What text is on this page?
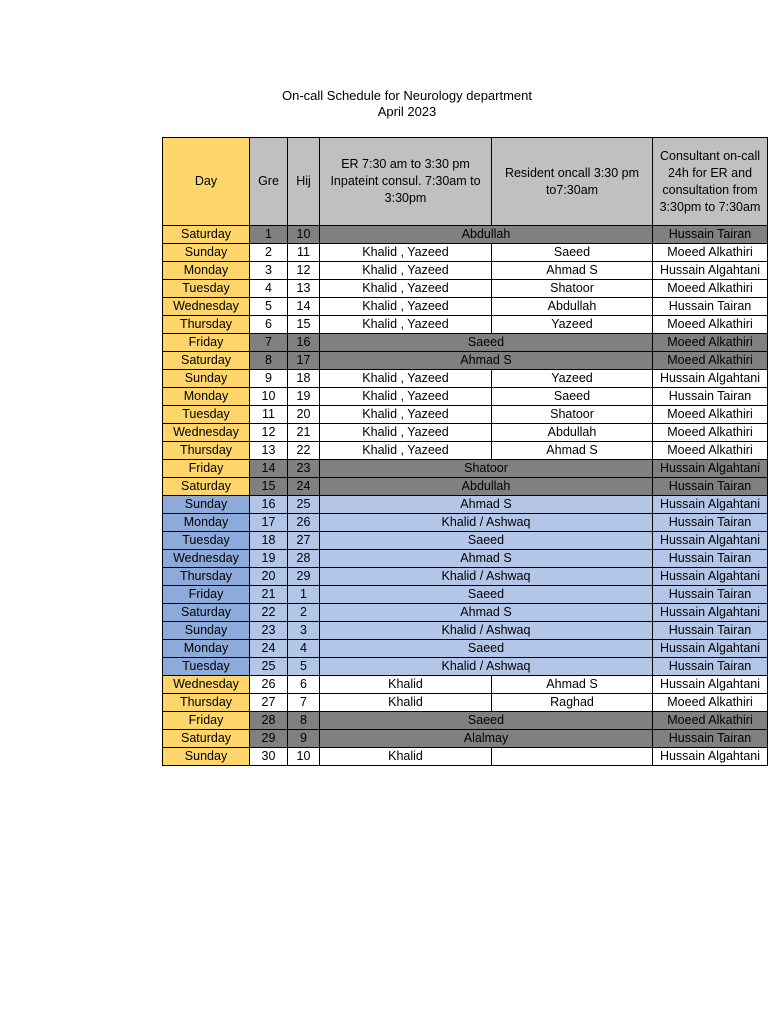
On-call Schedule for Neurology department
April 2023
Day	Gre	Hij	ER 7:30 am to 3:30 pm Inpateint consul. 7:30am to 3:30pm	Resident oncall 3:30 pm to7:30am	Consultant on-call 24h for ER and consultation from 3:30pm to 7:30am
Saturday	1	10	Abdullah		Hussain Tairan
Sunday	2	11	Khalid , Yazeed	Saeed	Moeed Alkathiri
Monday	3	12	Khalid , Yazeed	Ahmad S	Hussain Algahtani
Tuesday	4	13	Khalid , Yazeed	Shatoor	Moeed Alkathiri
Wednesday	5	14	Khalid , Yazeed	Abdullah	Hussain Tairan
Thursday	6	15	Khalid , Yazeed	Yazeed	Moeed Alkathiri
Friday	7	16	Saeed		Moeed Alkathiri
Saturday	8	17	Ahmad S		Moeed Alkathiri
Sunday	9	18	Khalid , Yazeed	Yazeed	Hussain Algahtani
Monday	10	19	Khalid , Yazeed	Saeed	Hussain Tairan
Tuesday	11	20	Khalid , Yazeed	Shatoor	Moeed Alkathiri
Wednesday	12	21	Khalid , Yazeed	Abdullah	Moeed Alkathiri
Thursday	13	22	Khalid , Yazeed	Ahmad S	Moeed Alkathiri
Friday	14	23	Shatoor		Hussain Algahtani
Saturday	15	24	Abdullah		Hussain Tairan
Sunday	16	25	Ahmad S		Hussain Algahtani
Monday	17	26	Khalid / Ashwaq		Hussain Tairan
Tuesday	18	27	Saeed		Hussain Algahtani
Wednesday	19	28	Ahmad S		Hussain Tairan
Thursday	20	29	Khalid / Ashwaq		Hussain Algahtani
Friday	21	1	Saeed		Hussain Tairan
Saturday	22	2	Ahmad S		Hussain Algahtani
Sunday	23	3	Khalid / Ashwaq		Hussain Tairan
Monday	24	4	Saeed		Hussain Algahtani
Tuesday	25	5	Khalid / Ashwaq		Hussain Tairan
Wednesday	26	6	Khalid	Ahmad S	Hussain Algahtani
Thursday	27	7	Khalid	Raghad	Moeed Alkathiri
Friday	28	8	Saeed		Moeed Alkathiri
Saturday	29	9	Alalmay		Hussain Tairan
Sunday	30	10	Khalid		Hussain Algahtani
